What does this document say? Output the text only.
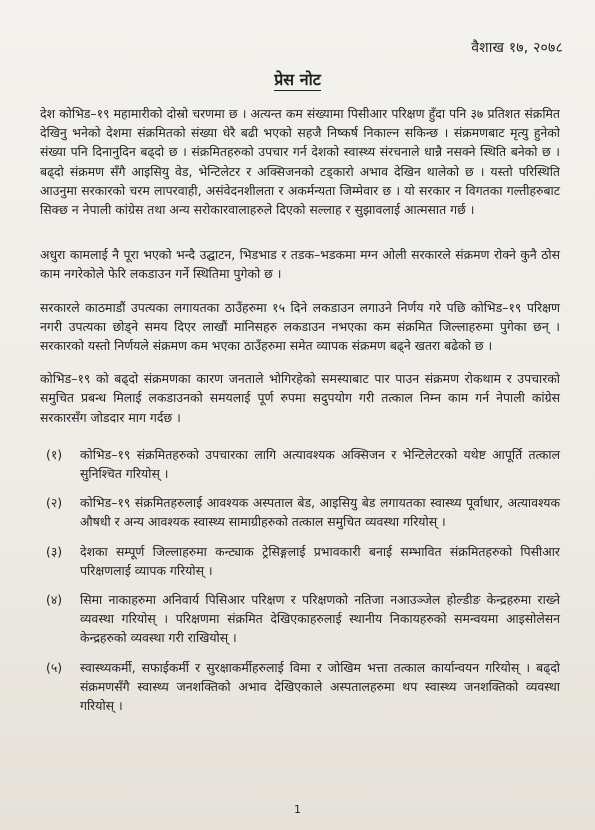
वैशाख १७, २०७८
प्रेस नोट

देश कोभिड–१९ महामारीको दोस्रो चरणमा छ । अत्यन्त कम संख्यामा पिसीआर परिक्षण हुँदा पनि ३७ प्रतिशत संक्रमित देखिनु भनेको देशमा संक्रमितको संख्या धेरै बढी भएको सहजै निष्कर्ष निकाल्न सकिन्छ । संक्रमणबाट मृत्यु हुनेको संख्या पनि दिनानुदिन बढ्दो छ । संक्रमितहरुको उपचार गर्न देशको स्वास्थ्य संरचनाले धान्नै नसक्ने स्थिति बनेको छ । बढ्दो संक्रमण सँगै आइसियु वेड, भेन्टिलेटर र अक्सिजनको टड्कारो अभाव देखिन थालेको छ । यस्तो परिस्थिति आउनुमा सरकारको चरम लापरवाही, असंवेदनशीलता र अकर्मन्यता जिम्मेवार छ । यो सरकार न विगतका गल्तीहरुबाट सिक्छ न नेपाली कांग्रेस तथा अन्य सरोकारवालाहरुले दिएको सल्लाह र सुझावलाई आत्मसात गर्छ ।

अधुरा कामलाई नै पूरा भएको भन्दै उद्घाटन, भिडभाड र तडक–भडकमा मग्न ओली सरकारले संक्रमण रोक्ने कुनै ठोस काम नगरेकोले फेरि लकडाउन गर्ने स्थितिमा पुगेको छ ।

सरकारले काठमाडौं उपत्यका लगायतका ठाउँहरुमा १५ दिने लकडाउन लगाउने निर्णय गरे पछि कोभिड–१९ परिक्षण नगरी उपत्यका छोड्ने समय दिएर लाखौं मानिसहरु लकडाउन नभएका कम संक्रमित जिल्लाहरुमा पुगेका छन् । सरकारको यस्तो निर्णयले संक्रमण कम भएका ठाउँहरुमा समेत व्यापक संक्रमण बढ्ने खतरा बढेको छ ।

कोभिड–१९ को बढ्दो संक्रमणका कारण जनताले भोगिरहेको समस्याबाट पार पाउन संक्रमण रोकथाम र उपचारको समुचित प्रबन्ध मिलाई लकडाउनको समयलाई पूर्ण रुपमा सदुपयोग गरी तत्काल निम्न काम गर्न नेपाली कांग्रेस सरकारसँग जोडदार माग गर्दछ ।

(१)	कोभिड–१९ संक्रमितहरुको उपचारका लागि अत्यावश्यक अक्सिजन र भेन्टिलेटरको यथेष्ट आपूर्ति तत्काल सुनिश्चित गरियोस् ।
(२)	कोभिड–१९ संक्रमितहरुलाई आवश्यक अस्पताल बेड, आइसियु बेड लगायतका स्वास्थ्य पूर्वाधार, अत्यावश्यक औषधी र अन्य आवश्यक स्वास्थ्य सामाग्रीहरुको तत्काल समुचित व्यवस्था गरियोस् ।
(३)	देशका सम्पूर्ण जिल्लाहरुमा कन्ट्याक ट्रेसिङ्गलाई प्रभावकारी बनाई सम्भावित संक्रमितहरुको पिसीआर परिक्षणलाई व्यापक गरियोस् ।
(४)	सिमा नाकाहरुमा अनिवार्य पिसिआर परिक्षण र परिक्षणको नतिजा नआउञ्जेल होल्डीङ केन्द्रहरुमा राख्ने व्यवस्था गरियोस् । परिक्षणमा संक्रमित देखिएकाहरुलाई स्थानीय निकायहरुको समन्वयमा आइसोलेसन केन्द्रहरुको व्यवस्था गरी राखियोस् ।
(५)	स्वास्थ्यकर्मी, सफाईकर्मी र सुरक्षाकर्मीहरुलाई विमा र जोखिम भत्ता तत्काल कार्यान्वयन गरियोस् । बढ्दो संक्रमणसँगै स्वास्थ्य जनशक्तिको अभाव देखिएकाले अस्पतालहरुमा थप स्वास्थ्य जनशक्तिको व्यवस्था गरियोस् ।
1
